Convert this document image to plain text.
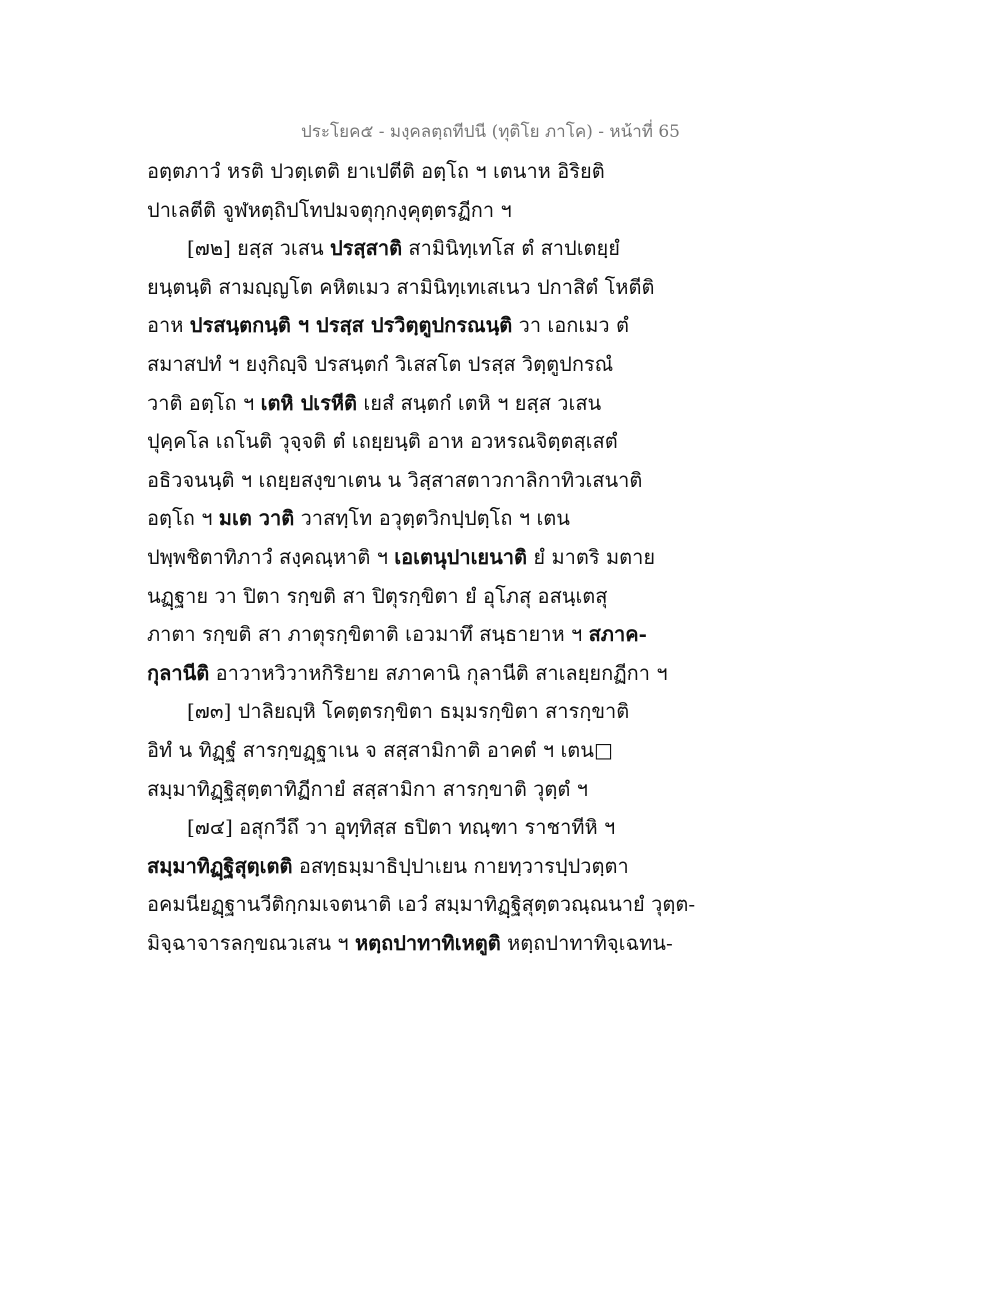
ประโยค๕ - มงฺคลตฺถทีปนี (ทุติโย ภาโค) - หน้าที่ 65
อตฺตภาวํ หรติ ปวตฺเตติ ยาเปตีติ อตฺโถ ฯ เตนาห อิริยติ
ปาเลตีติ จูฬหตฺถิปโทปมจตุกฺกงฺคุตฺตรฏีกา ฯ
[๗๒] ยสฺส วเสน ปรสฺสาติ สามินิทฺเทโส ตํ สาปเตยฺยํ
ยนฺตนฺติ สามญฺญโต คหิตเมว สามินิทฺเทเสเนว ปกาสิตํ โหตีติ
อาห ปรสนฺตกนฺติ ฯ ปรสฺส ปรวิตฺตูปกรณนฺติ วา เอกเมว ตํ
สมาสปทํ ฯ ยงฺกิญฺจิ ปรสนฺตกํ วิเสสโต ปรสฺส วิตฺตูปกรณํ
วาติ อตฺโถ ฯ เตหิ ปเรหีติ เยสํ สนฺตกํ เตหิ ฯ ยสฺส วเสน
ปุคฺคโล เถโนติ วุจฺจติ ตํ เถยฺยนฺติ อาห อวหรณจิตฺตสฺเสตํ
อธิวจนนฺติ ฯ เถยฺยสงฺขาเตน น วิสฺสาสตาวกาลิกาทิวเสนาติ
อตฺโถ ฯ มเต วาติ วาสทฺโท อวุตฺตวิกปฺปตฺโถ ฯ เตน
ปพฺพชิตาทิภาวํ สงฺคณฺหาติ ฯ เอเตนุปาเยนาติ ยํ มาตริ มตาย
นฏฺฐาย วา ปิตา รกฺขติ สา ปิตุรกฺขิตา ยํ อุโภสุ อสนฺเตสุ
ภาตา รกฺขติ สา ภาตุรกฺขิตาติ เอวมาทึ สนฺธายาห ฯ สภาค-
กุลานีติ อาวาหวิวาหกิริยาย สภาคานิ กุลานีติ สาเลยฺยกฏีกา ฯ
[๗๓] ปาลิยญฺหิ โคตฺตรกฺขิตา ธมฺมรกฺขิตา สารกฺขาติ
อิทํ น ทิฏฺฐํ สารกฺขฏฺฐาเน จ สสฺสามิกาติ อาคตํ ฯ เตน□
สมฺมาทิฏฺฐิสุตฺตาทิฏีกายํ สสฺสามิกา สารกฺขาติ วุตฺตํ ฯ
[๗๔] อสุกวีถึ วา อุทฺทิสฺส ธปิตา ทณฺฑา ราชาทีหิ ฯ
สมฺมาทิฏฺฐิสุตฺเตติ อสทฺธมฺมาธิปฺปาเยน กายทฺวารปฺปวตฺตา
อคมนียฏฺฐานวีติกฺกมเจตนาติ เอวํ สมฺมาทิฏฺฐิสุตฺตวณฺณนายํ วุตฺต-
มิจฺฉาจารลกฺขณวเสน ฯ หตฺถปาทาทิเหตูติ หตฺถปาทาทิจฺเฉทน-
